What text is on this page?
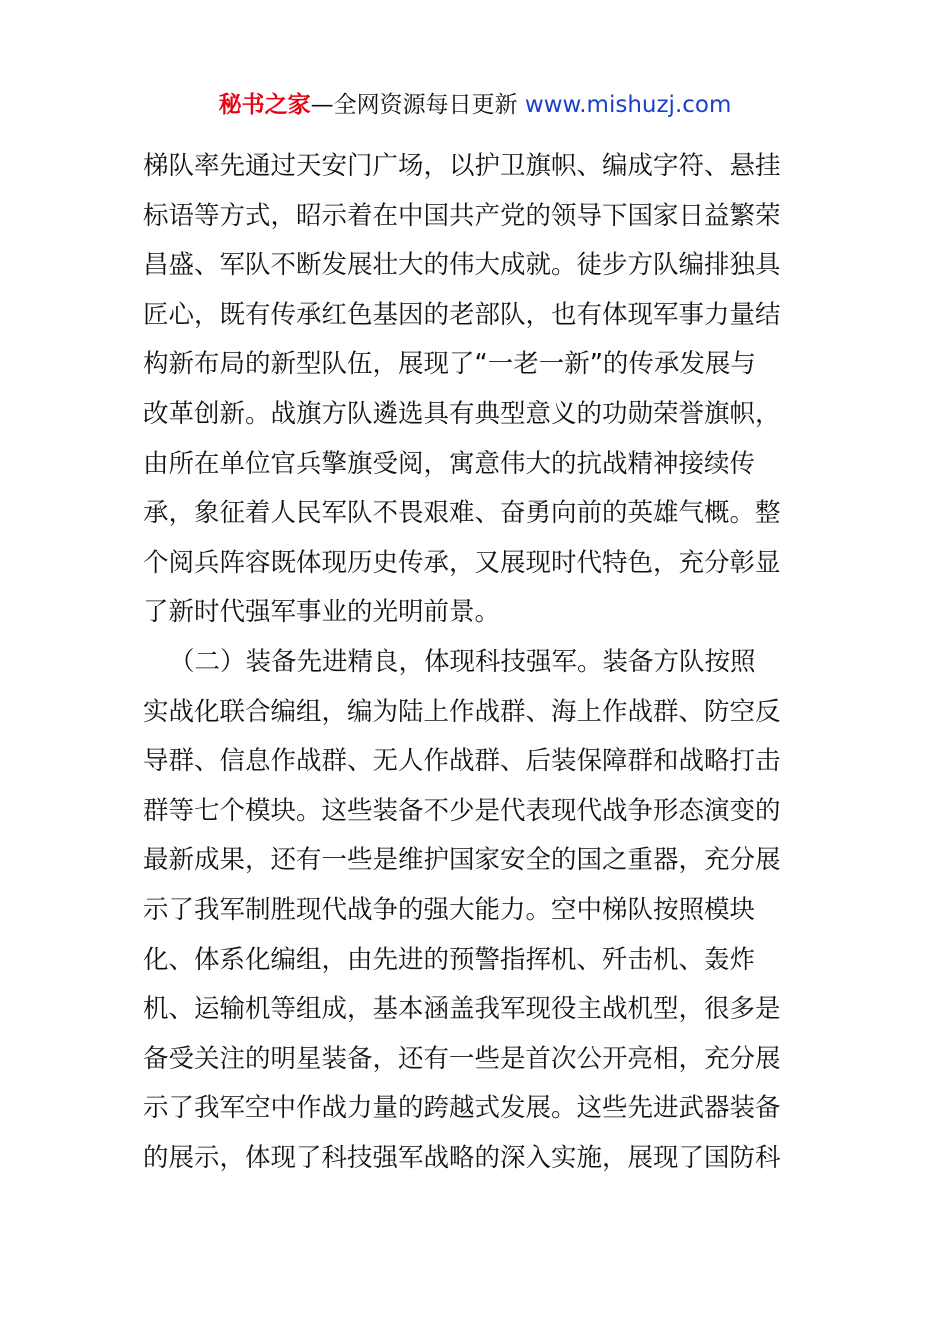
秘书之家—全网资源每日更新 www.mishuzj.com
梯队率先通过天安门广场，以护卫旗帜、编成字符、悬挂
标语等方式，昭示着在中国共产党的领导下国家日益繁荣
昌盛、军队不断发展壮大的伟大成就。徒步方队编排独具
匠心，既有传承红色基因的老部队，也有体现军事力量结
构新布局的新型队伍，展现了“一老一新”的传承发展与
改革创新。战旗方队遴选具有典型意义的功勋荣誉旗帜，
由所在单位官兵擎旗受阅，寓意伟大的抗战精神接续传
承，象征着人民军队不畏艰难、奋勇向前的英雄气概。整
个阅兵阵容既体现历史传承，又展现时代特色，充分彰显
了新时代强军事业的光明前景。
（二）装备先进精良，体现科技强军。装备方队按照
实战化联合编组，编为陆上作战群、海上作战群、防空反
导群、信息作战群、无人作战群、后装保障群和战略打击
群等七个模块。这些装备不少是代表现代战争形态演变的
最新成果，还有一些是维护国家安全的国之重器，充分展
示了我军制胜现代战争的强大能力。空中梯队按照模块
化、体系化编组，由先进的预警指挥机、歼击机、轰炸
机、运输机等组成，基本涵盖我军现役主战机型，很多是
备受关注的明星装备，还有一些是首次公开亮相，充分展
示了我军空中作战力量的跨越式发展。这些先进武器装备
的展示，体现了科技强军战略的深入实施，展现了国防科
